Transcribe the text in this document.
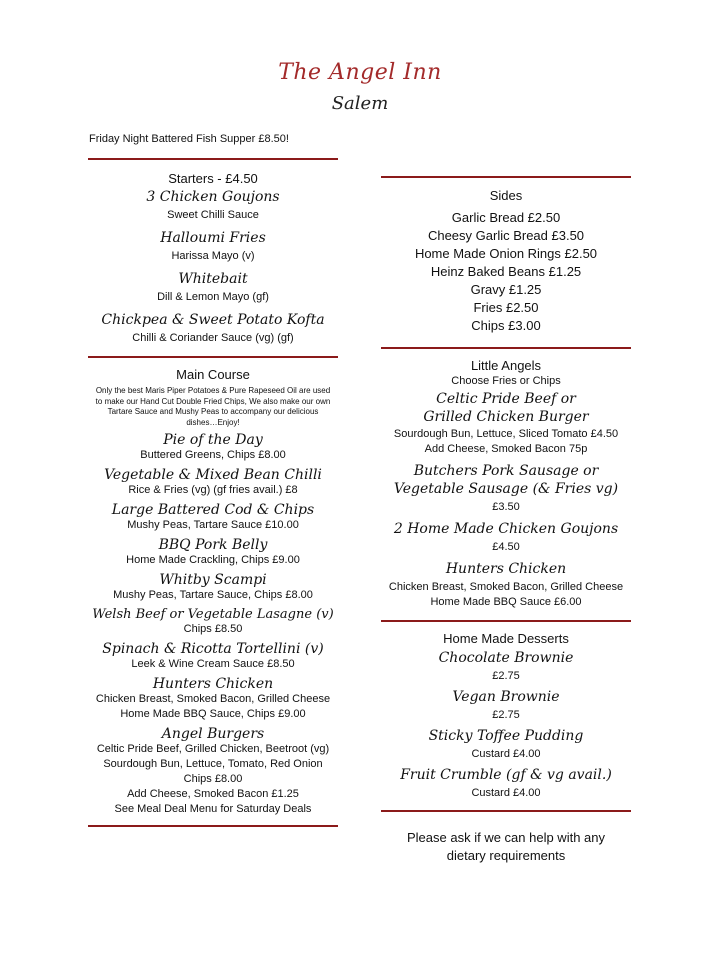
The Angel Inn
Salem
Friday Night Battered Fish Supper £8.50!
Starters - £4.50
3 Chicken Goujons
Sweet Chilli Sauce
Halloumi Fries
Harissa Mayo (v)
Whitebait
Dill & Lemon Mayo (gf)
Chickpea & Sweet Potato Kofta
Chilli & Coriander Sauce (vg) (gf)
Main Course
Only the best Maris Piper Potatoes & Pure Rapeseed Oil are used to make our Hand Cut Double Fried Chips, We also make our own Tartare Sauce and Mushy Peas to accompany our delicious dishes…Enjoy!
Pie of the Day
Buttered Greens, Chips £8.00
Vegetable & Mixed Bean Chilli
Rice & Fries (vg) (gf fries avail.) £8
Large Battered Cod & Chips
Mushy Peas, Tartare Sauce £10.00
BBQ Pork Belly
Home Made Crackling, Chips £9.00
Whitby Scampi
Mushy Peas, Tartare Sauce, Chips £8.00
Welsh Beef or Vegetable Lasagne (v)
Chips £8.50
Spinach & Ricotta Tortellini (v)
Leek & Wine Cream Sauce £8.50
Hunters Chicken
Chicken Breast, Smoked Bacon, Grilled Cheese
Home Made BBQ Sauce, Chips £9.00
Angel Burgers
Celtic Pride Beef, Grilled Chicken, Beetroot (vg)
Sourdough Bun, Lettuce, Tomato, Red Onion
Chips £8.00
Add Cheese, Smoked Bacon £1.25
See Meal Deal Menu for Saturday Deals
Sides
Garlic Bread £2.50
Cheesy Garlic Bread £3.50
Home Made Onion Rings £2.50
Heinz Baked Beans £1.25
Gravy £1.25
Fries £2.50
Chips £3.00
Little Angels
Choose Fries or Chips
Celtic Pride Beef or
Grilled Chicken Burger
Sourdough Bun, Lettuce, Sliced Tomato £4.50
Add Cheese, Smoked Bacon 75p
Butchers Pork Sausage or
Vegetable Sausage (& Fries vg)
£3.50
2 Home Made Chicken Goujons
£4.50
Hunters Chicken
Chicken Breast, Smoked Bacon, Grilled Cheese
Home Made BBQ Sauce £6.00
Home Made Desserts
Chocolate Brownie
£2.75
Vegan Brownie
£2.75
Sticky Toffee Pudding
Custard £4.00
Fruit Crumble (gf & vg avail.)
Custard £4.00
Please ask if we can help with any
dietary requirements
